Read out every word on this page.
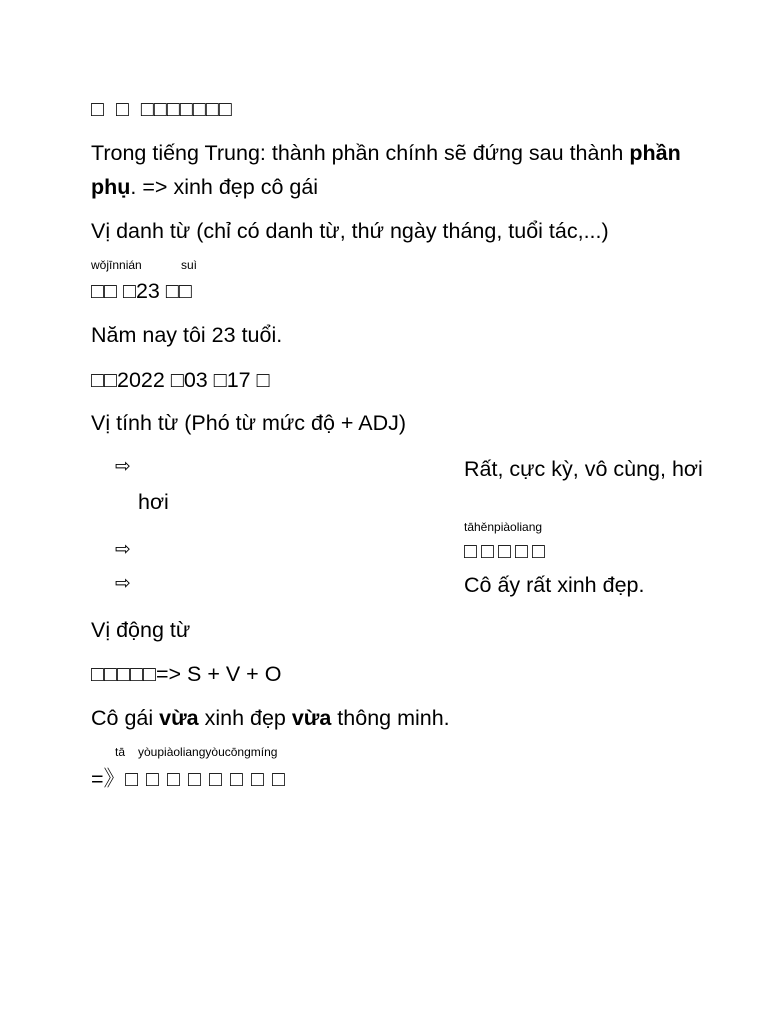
□ □ □□□□□□□
Trong tiếng Trung: thành phần chính sẽ đứng sau thành phần
phụ. => xinh đẹp cô gái
Vị danh từ (chỉ có danh từ, thứ ngày tháng, tuổi tác,...)
wǒjīnnián	suì
□□ □23 □□
Năm nay tôi 23 tuổi.
□□2022 □03 □17 □
Vị tính từ (Phó từ mức độ + ADJ)
⇨	Rất, cực kỳ, vô cùng, hơi
hơi
tāhěnpiàoliang
⇨	□□□□□
⇨	Cô ấy rất xinh đẹp.
Vị động từ
□□□□□=> S + V + O
Cô gái vừa xinh đẹp vừa thông minh.
tā yòupiàoliangyòucōngmíng
=》□□□□□□□□
